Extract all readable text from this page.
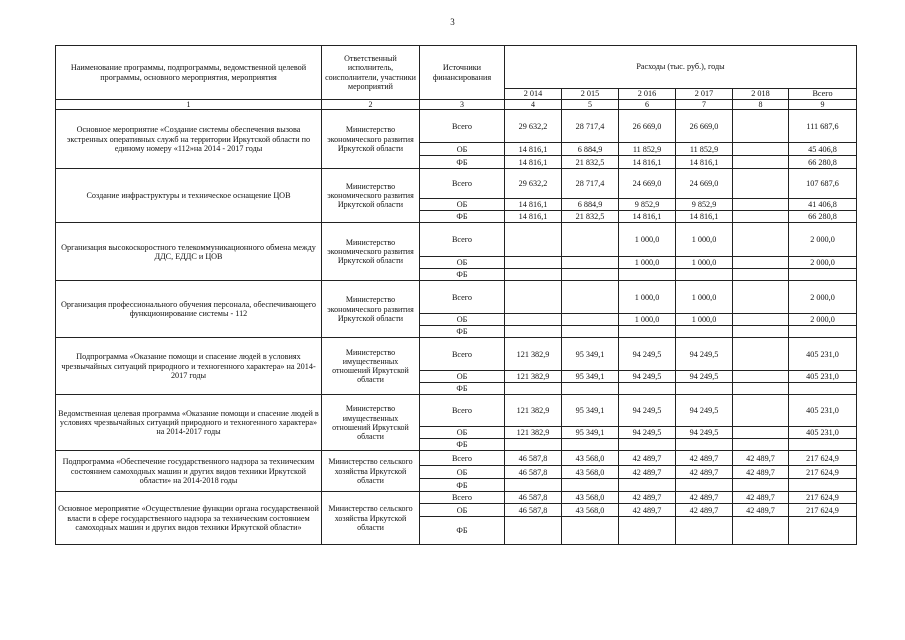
3
Наименование программы, подпрограммы, ведомственной целевой программы, основного мероприятия, мероприятия	Ответственный исполнитель, соисполнители, участники мероприятий	Источники финансирования	Расходы (тыс. руб.), годы					
			2 014	2 015	2 016	2 017	2 018	Всего
1	2	3	4	5	6	7	8	9
Основное мероприятие «Создание системы обеспечения вызова экстренных оперативных служб на территории Иркутской области по единому номеру «112»на 2014 - 2017 годы	Министерство экономического развития Иркутской области	Всего	29 632,2	28 717,4	26 669,0	26 669,0		111 687,6
		ОБ	14 816,1	6 884,9	11 852,9	11 852,9		45 406,8
		ФБ	14 816,1	21 832,5	14 816,1	14 816,1		66 280,8
Создание инфраструктуры и техническое оснащение ЦОВ	Министерство экономического развития Иркутской области	Всего	29 632,2	28 717,4	24 669,0	24 669,0		107 687,6
		ОБ	14 816,1	6 884,9	9 852,9	9 852,9		41 406,8
		ФБ	14 816,1	21 832,5	14 816,1	14 816,1		66 280,8
Организация высокоскоростного телекоммуникационного обмена между ДДС, ЕДДС и ЦОВ	Министерство экономического развития Иркутской области	Всего			1 000,0	1 000,0		2 000,0
		ОБ			1 000,0	1 000,0		2 000,0
		ФБ						
Организация профессионального обучения персонала, обеспечивающего функционирование системы - 112	Министерство экономического развития Иркутской области	Всего			1 000,0	1 000,0		2 000,0
		ОБ			1 000,0	1 000,0		2 000,0
		ФБ						
Подпрограмма «Оказание помощи и спасение людей в условиях чрезвычайных ситуаций природного и техногенного характера» на 2014-2017 годы	Министерство имущественных отношений Иркутской области	Всего	121 382,9	95 349,1	94 249,5	94 249,5		405 231,0
		ОБ	121 382,9	95 349,1	94 249,5	94 249,5		405 231,0
		ФБ						
Ведомственная целевая программа «Оказание помощи и спасение людей в условиях чрезвычайных ситуаций природного и техногенного характера» на 2014-2017 годы	Министерство имущественных отношений Иркутской области	Всего	121 382,9	95 349,1	94 249,5	94 249,5		405 231,0
		ОБ	121 382,9	95 349,1	94 249,5	94 249,5		405 231,0
		ФБ						
Подпрограмма «Обеспечение государственного надзора за техническим состоянием самоходных машин и других видов техники Иркутской области» на 2014-2018 годы	Министерство сельского хозяйства Иркутской области	Всего	46 587,8	43 568,0	42 489,7	42 489,7	42 489,7	217 624,9
		ОБ	46 587,8	43 568,0	42 489,7	42 489,7	42 489,7	217 624,9
		ФБ						
Основное мероприятие «Осуществление функции органа государственной власти в сфере государственного надзора за техническим состоянием самоходных машин и других видов техники Иркутской области»	Министерство сельского хозяйства Иркутской области	Всего	46 587,8	43 568,0	42 489,7	42 489,7	42 489,7	217 624,9
		ОБ	46 587,8	43 568,0	42 489,7	42 489,7	42 489,7	217 624,9
		ФБ						
